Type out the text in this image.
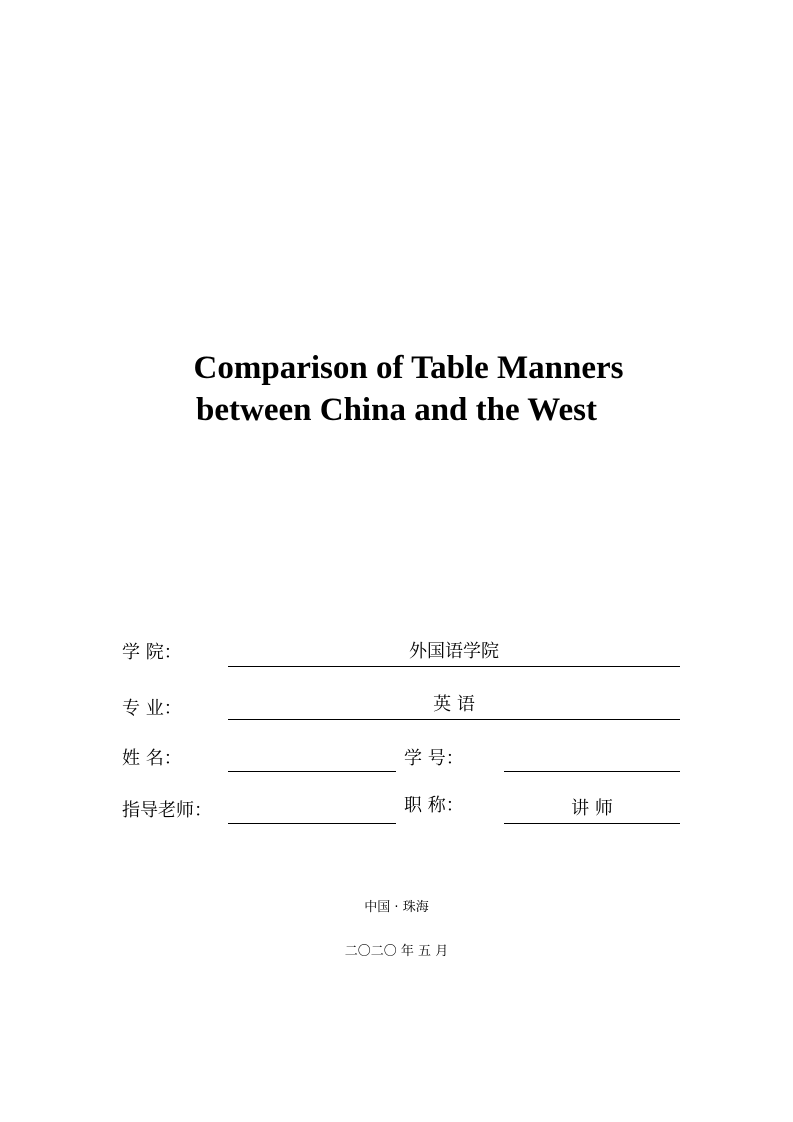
Comparison of Table Manners
between China and the West
学 院：	外国语学院
专 业：	英 语
姓 名：	学 号：
指导老师：	职 称：	讲 师
中国 · 珠海
二〇二〇 年 五 月
